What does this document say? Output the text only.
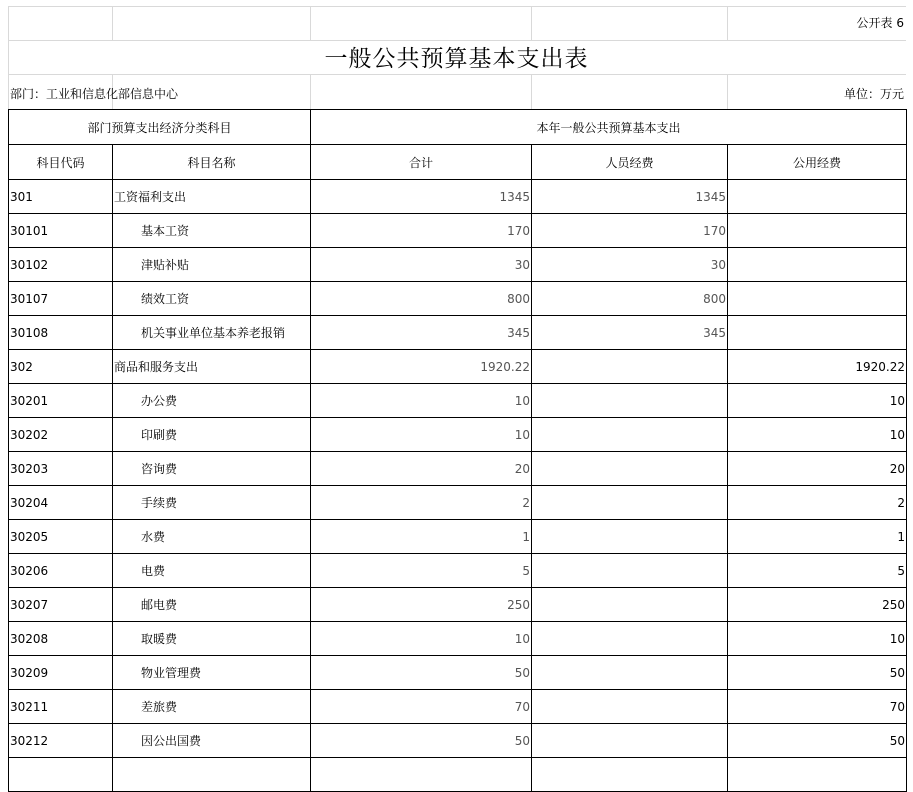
公开表 6
一般公共预算基本支出表
部门：工业和信息化部信息中心	单位：万元
部门预算支出经济分类科目		本年一般公共预算基本支出		
科目代码	科目名称	合计	人员经费	公用经费
301	工资福利支出	1345	1345	
30101	基本工资	170	170	
30102	津贴补贴	30	30	
30107	绩效工资	800	800	
30108	机关事业单位基本养老报销	345	345	
302	商品和服务支出	1920.22		1920.22
30201	办公费	10		10
30202	印刷费	10		10
30203	咨询费	20		20
30204	手续费	2		2
30205	水费	1		1
30206	电费	5		5
30207	邮电费	250		250
30208	取暖费	10		10
30209	物业管理费	50		50
30211	差旅费	70		70
30212	因公出国费	50		50
